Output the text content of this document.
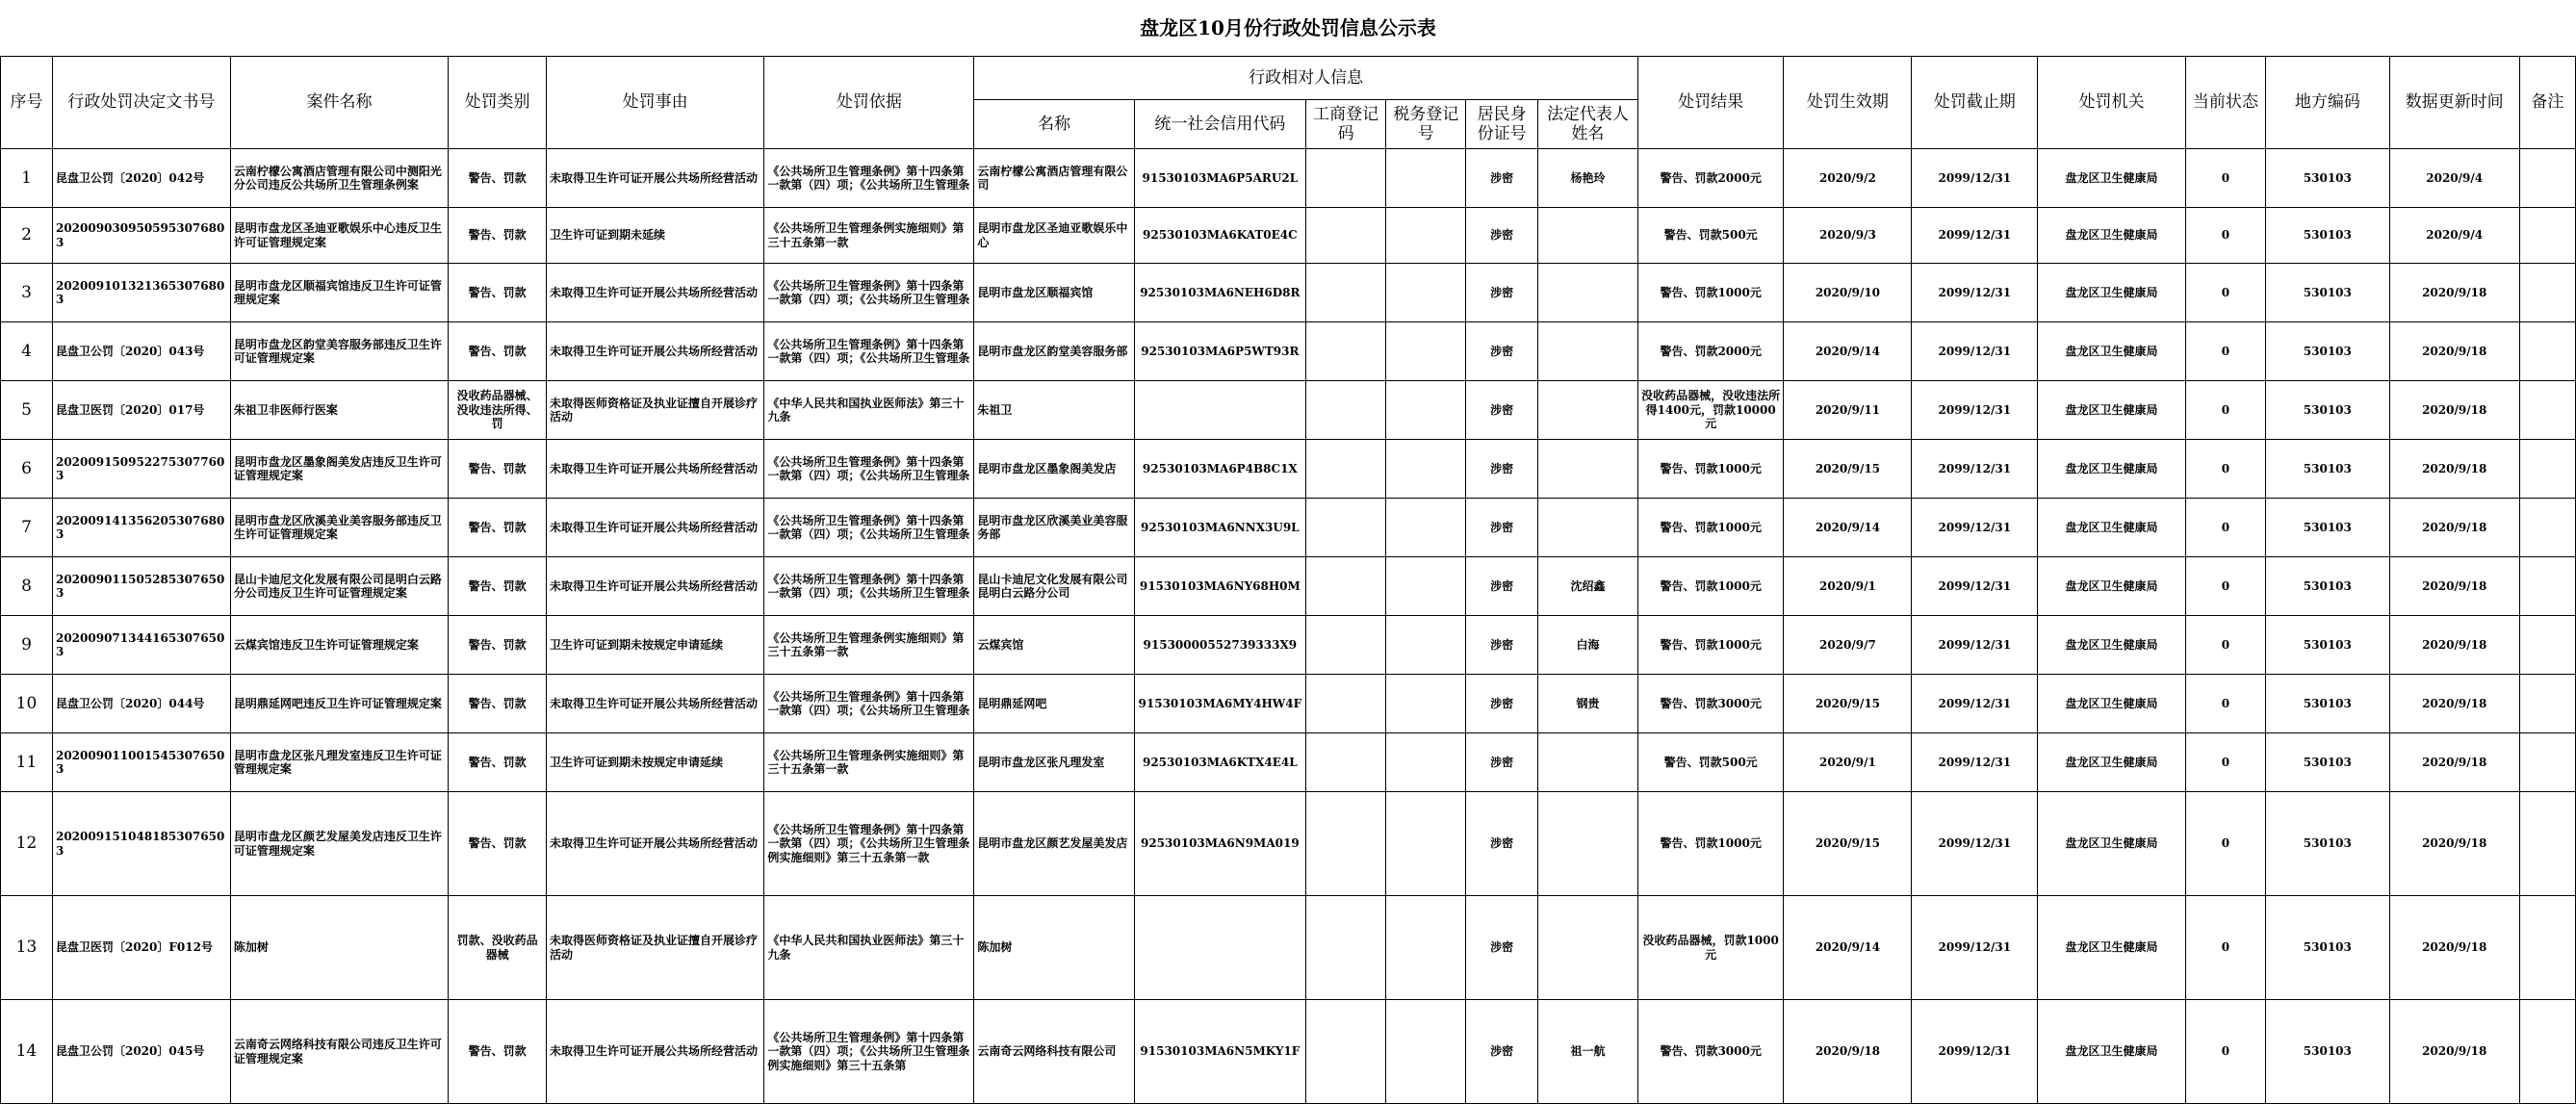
盘龙区10月份行政处罚信息公示表
序号	行政处罚决定文书号	案件名称	处罚类别	处罚事由	处罚依据	行政相对人信息						处罚结果	处罚生效期	处罚截止期	处罚机关	当前状态	地方编码	数据更新时间	备注
						名称	统一社会信用代码	工商登记码	税务登记号	居民身份证号	法定代表人姓名								
1	昆盘卫公罚〔2020〕042号	云南柠檬公寓酒店管理有限公司中测阳光分公司违反公共场所卫生管理条例案	警告、罚款	未取得卫生许可证开展公共场所经营活动	《公共场所卫生管理条例》第十四条第一款第（四）项；《公共场所卫生管理条	云南柠檬公寓酒店管理有限公司	91530103MA6P5ARU2L			涉密	杨艳玲	警告、罚款2000元	2020/9/2	2099/12/31	盘龙区卫生健康局	0	530103	2020/9/4	
2	202009030950595307680 3	昆明市盘龙区圣迪亚歌娱乐中心违反卫生许可证管理规定案	警告、罚款	卫生许可证到期未延续	《公共场所卫生管理条例实施细则》第三十五条第一款	昆明市盘龙区圣迪亚歌娱乐中心	92530103MA6KAT0E4C			涉密		警告、罚款500元	2020/9/3	2099/12/31	盘龙区卫生健康局	0	530103	2020/9/4	
3	202009101321365307680 3	昆明市盘龙区顺福宾馆违反卫生许可证管理规定案	警告、罚款	未取得卫生许可证开展公共场所经营活动	《公共场所卫生管理条例》第十四条第一款第（四）项；《公共场所卫生管理条	昆明市盘龙区顺福宾馆	92530103MA6NEH6D8R			涉密		警告、罚款1000元	2020/9/10	2099/12/31	盘龙区卫生健康局	0	530103	2020/9/18	
4	昆盘卫公罚〔2020〕043号	昆明市盘龙区韵堂美容服务部违反卫生许可证管理规定案	警告、罚款	未取得卫生许可证开展公共场所经营活动	《公共场所卫生管理条例》第十四条第一款第（四）项；《公共场所卫生管理条	昆明市盘龙区韵堂美容服务部	92530103MA6P5WT93R			涉密		警告、罚款2000元	2020/9/14	2099/12/31	盘龙区卫生健康局	0	530103	2020/9/18	
5	昆盘卫医罚〔2020〕017号	朱祖卫非医师行医案	没收药品器械、没收违法所得、罚	未取得医师资格证及执业证擅自开展诊疗活动	《中华人民共和国执业医师法》第三十九条	朱祖卫				涉密		没收药品器械，没收违法所得1400元，罚款10000元	2020/9/11	2099/12/31	盘龙区卫生健康局	0	530103	2020/9/18	
6	202009150952275307760 3	昆明市盘龙区墨象阁美发店违反卫生许可证管理规定案	警告、罚款	未取得卫生许可证开展公共场所经营活动	《公共场所卫生管理条例》第十四条第一款第（四）项；《公共场所卫生管理条	昆明市盘龙区墨象阁美发店	92530103MA6P4B8C1X			涉密		警告、罚款1000元	2020/9/15	2099/12/31	盘龙区卫生健康局	0	530103	2020/9/18	
7	202009141356205307680 3	昆明市盘龙区欣溪美业美容服务部违反卫生许可证管理规定案	警告、罚款	未取得卫生许可证开展公共场所经营活动	《公共场所卫生管理条例》第十四条第一款第（四）项；《公共场所卫生管理条	昆明市盘龙区欣溪美业美容服务部	92530103MA6NNX3U9L			涉密		警告、罚款1000元	2020/9/14	2099/12/31	盘龙区卫生健康局	0	530103	2020/9/18	
8	202009011505285307650 3	昆山卡迪尼文化发展有限公司昆明白云路分公司违反卫生许可证管理规定案	警告、罚款	未取得卫生许可证开展公共场所经营活动	《公共场所卫生管理条例》第十四条第一款第（四）项；《公共场所卫生管理条	昆山卡迪尼文化发展有限公司昆明白云路分公司	91530103MA6NY68H0M			涉密	沈绍鑫	警告、罚款1000元	2020/9/1	2099/12/31	盘龙区卫生健康局	0	530103	2020/9/18	
9	202009071344165307650 3	云煤宾馆违反卫生许可证管理规定案	警告、罚款	卫生许可证到期未按规定申请延续	《公共场所卫生管理条例实施细则》第三十五条第一款	云煤宾馆	91530000552739333X9			涉密	白海	警告、罚款1000元	2020/9/7	2099/12/31	盘龙区卫生健康局	0	530103	2020/9/18	
10	昆盘卫公罚〔2020〕044号	昆明鼎延网吧违反卫生许可证管理规定案	警告、罚款	未取得卫生许可证开展公共场所经营活动	《公共场所卫生管理条例》第十四条第一款第（四）项；《公共场所卫生管理条	昆明鼎延网吧	91530103MA6MY4HW4F			涉密	钢贵	警告、罚款3000元	2020/9/15	2099/12/31	盘龙区卫生健康局	0	530103	2020/9/18	
11	202009011001545307650 3	昆明市盘龙区张凡理发室违反卫生许可证管理规定案	警告、罚款	卫生许可证到期未按规定申请延续	《公共场所卫生管理条例实施细则》第三十五条第一款	昆明市盘龙区张凡理发室	92530103MA6KTX4E4L			涉密		警告、罚款500元	2020/9/1	2099/12/31	盘龙区卫生健康局	0	530103	2020/9/18	
12	202009151048185307650 3	昆明市盘龙区颜艺发屋美发店违反卫生许可证管理规定案	警告、罚款	未取得卫生许可证开展公共场所经营活动	《公共场所卫生管理条例》第十四条第一款第（四）项；《公共场所卫生管理条例实施细则》第三十五条第一款	昆明市盘龙区颜艺发屋美发店	92530103MA6N9MA019			涉密		警告、罚款1000元	2020/9/15	2099/12/31	盘龙区卫生健康局	0	530103	2020/9/18	
13	昆盘卫医罚〔2020〕F012号	陈加树	罚款、没收药品器械	未取得医师资格证及执业证擅自开展诊疗活动	《中华人民共和国执业医师法》第三十九条	陈加树				涉密		没收药品器械，罚款1000元	2020/9/14	2099/12/31	盘龙区卫生健康局	0	530103	2020/9/18	
14	昆盘卫公罚〔2020〕045号	云南奇云网络科技有限公司违反卫生许可证管理规定案	警告、罚款	未取得卫生许可证开展公共场所经营活动	《公共场所卫生管理条例》第十四条第一款第（四）项；《公共场所卫生管理条例实施细则》第三十五条第	云南奇云网络科技有限公司	91530103MA6N5MKY1F			涉密	祖一航	警告、罚款3000元	2020/9/18	2099/12/31	盘龙区卫生健康局	0	530103	2020/9/18	
